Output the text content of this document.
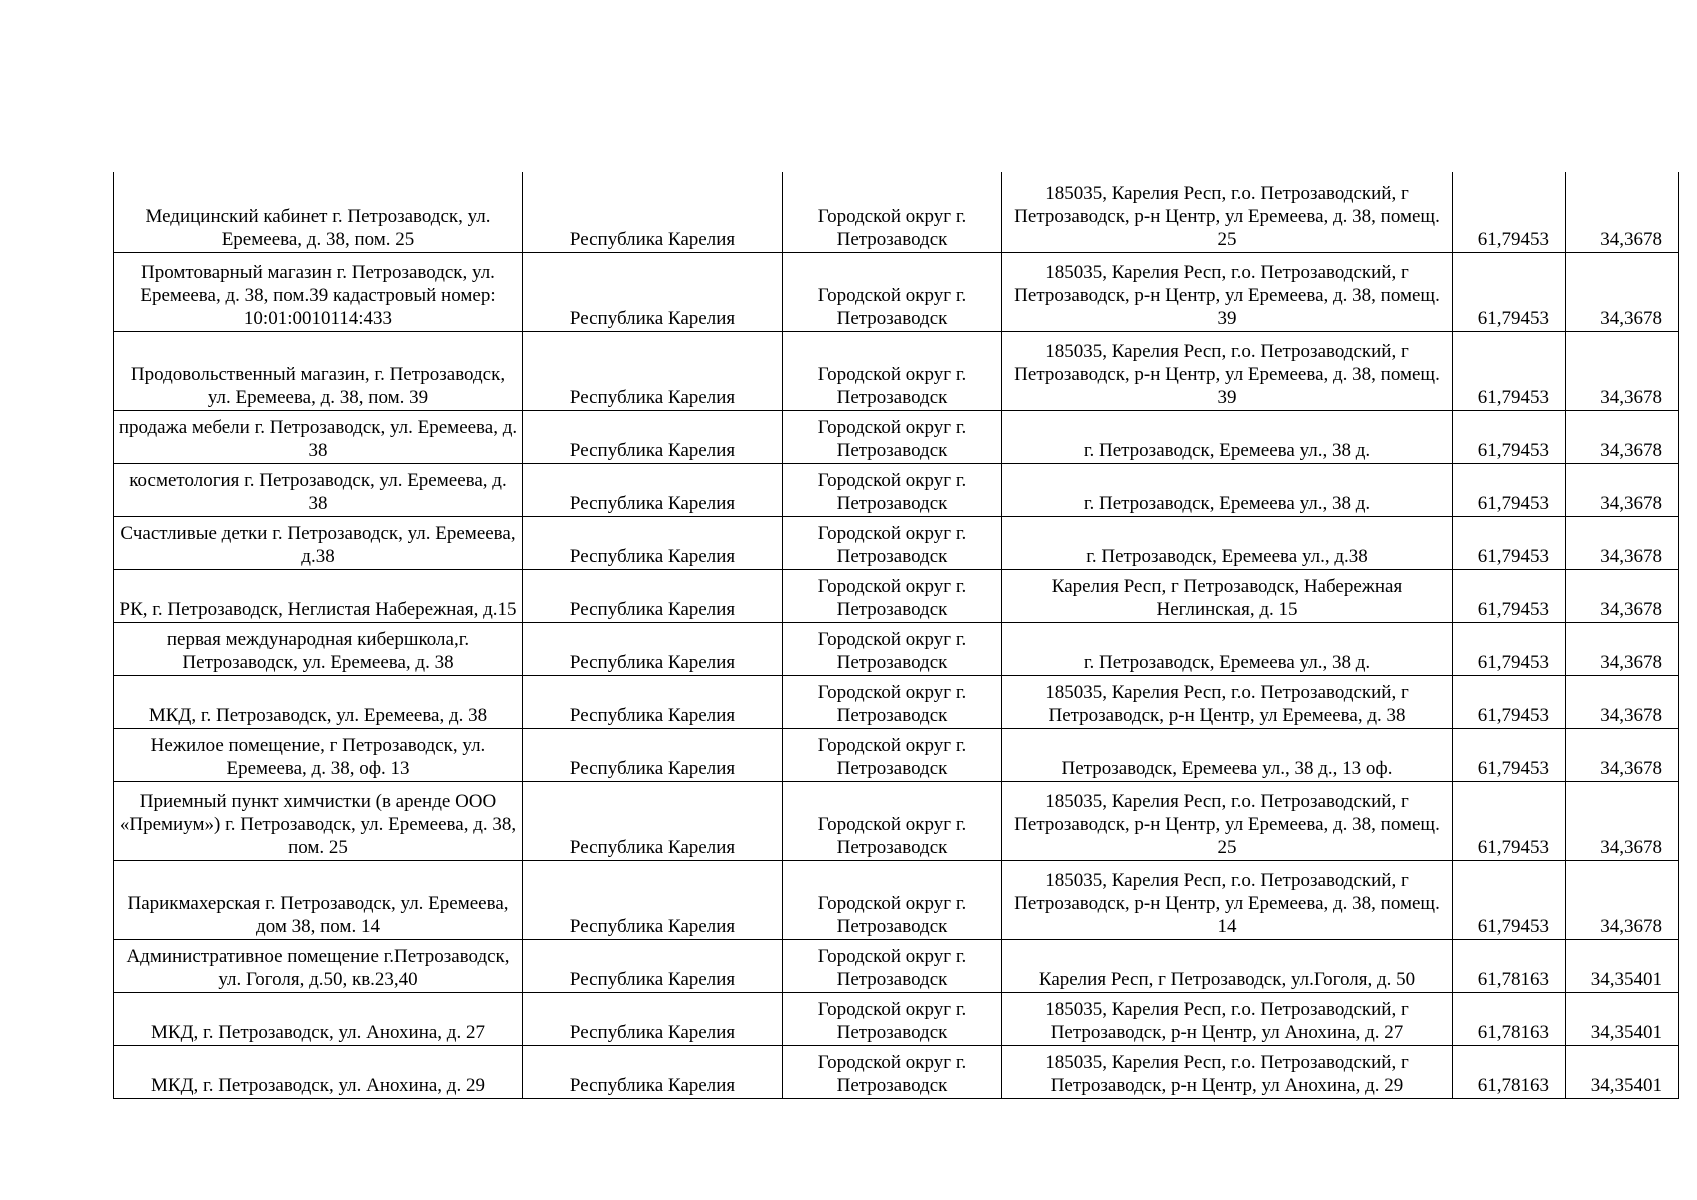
Медицинский кабинет г. Петрозаводск, ул. Еремеева, д. 38, пом. 25	Республика Карелия	Городской округ г. Петрозаводск	185035, Карелия Респ, г.о. Петрозаводский, г Петрозаводск, р-н Центр, ул Еремеева, д. 38, помещ. 25	61,79453	34,3678
Промтоварный магазин г. Петрозаводск, ул. Еремеева, д. 38, пом.39 кадастровый номер: 10:01:0010114:433	Республика Карелия	Городской округ г. Петрозаводск	185035, Карелия Респ, г.о. Петрозаводский, г Петрозаводск, р-н Центр, ул Еремеева, д. 38, помещ. 39	61,79453	34,3678
Продовольственный магазин, г. Петрозаводск, ул. Еремеева, д. 38, пом. 39	Республика Карелия	Городской округ г. Петрозаводск	185035, Карелия Респ, г.о. Петрозаводский, г Петрозаводск, р-н Центр, ул Еремеева, д. 38, помещ. 39	61,79453	34,3678
продажа мебели г. Петрозаводск, ул. Еремеева, д. 38	Республика Карелия	Городской округ г. Петрозаводск	г. Петрозаводск, Еремеева ул., 38 д.	61,79453	34,3678
косметология г. Петрозаводск, ул. Еремеева, д. 38	Республика Карелия	Городской округ г. Петрозаводск	г. Петрозаводск, Еремеева ул., 38 д.	61,79453	34,3678
Счастливые детки г. Петрозаводск, ул. Еремеева, д.38	Республика Карелия	Городской округ г. Петрозаводск	г. Петрозаводск, Еремеева ул., д.38	61,79453	34,3678
РК, г. Петрозаводск, Неглистая Набережная, д.15	Республика Карелия	Городской округ г. Петрозаводск	Карелия Респ, г Петрозаводск, Набережная Неглинская, д. 15	61,79453	34,3678
первая международная кибершкола,г. Петрозаводск, ул. Еремеева, д. 38	Республика Карелия	Городской округ г. Петрозаводск	г. Петрозаводск, Еремеева ул., 38 д.	61,79453	34,3678
МКД, г. Петрозаводск, ул. Еремеева, д. 38	Республика Карелия	Городской округ г. Петрозаводск	185035, Карелия Респ, г.о. Петрозаводский, г Петрозаводск, р-н Центр, ул Еремеева, д. 38	61,79453	34,3678
Нежилое помещение, г Петрозаводск, ул. Еремеева, д. 38, оф. 13	Республика Карелия	Городской округ г. Петрозаводск	Петрозаводск, Еремеева ул., 38 д., 13 оф.	61,79453	34,3678
Приемный пункт химчистки (в аренде ООО «Премиум») г. Петрозаводск, ул. Еремеева, д. 38, пом. 25	Республика Карелия	Городской округ г. Петрозаводск	185035, Карелия Респ, г.о. Петрозаводский, г Петрозаводск, р-н Центр, ул Еремеева, д. 38, помещ. 25	61,79453	34,3678
Парикмахерская г. Петрозаводск, ул. Еремеева, дом 38, пом. 14	Республика Карелия	Городской округ г. Петрозаводск	185035, Карелия Респ, г.о. Петрозаводский, г Петрозаводск, р-н Центр, ул Еремеева, д. 38, помещ. 14	61,79453	34,3678
Административное помещение г.Петрозаводск, ул. Гоголя, д.50, кв.23,40	Республика Карелия	Городской округ г. Петрозаводск	Карелия Респ, г Петрозаводск, ул.Гоголя, д. 50	61,78163	34,35401
МКД, г. Петрозаводск, ул. Анохина, д. 27	Республика Карелия	Городской округ г. Петрозаводск	185035, Карелия Респ, г.о. Петрозаводский, г Петрозаводск, р-н Центр, ул Анохина, д. 27	61,78163	34,35401
МКД, г. Петрозаводск, ул. Анохина, д. 29	Республика Карелия	Городской округ г. Петрозаводск	185035, Карелия Респ, г.о. Петрозаводский, г Петрозаводск, р-н Центр, ул Анохина, д. 29	61,78163	34,35401
